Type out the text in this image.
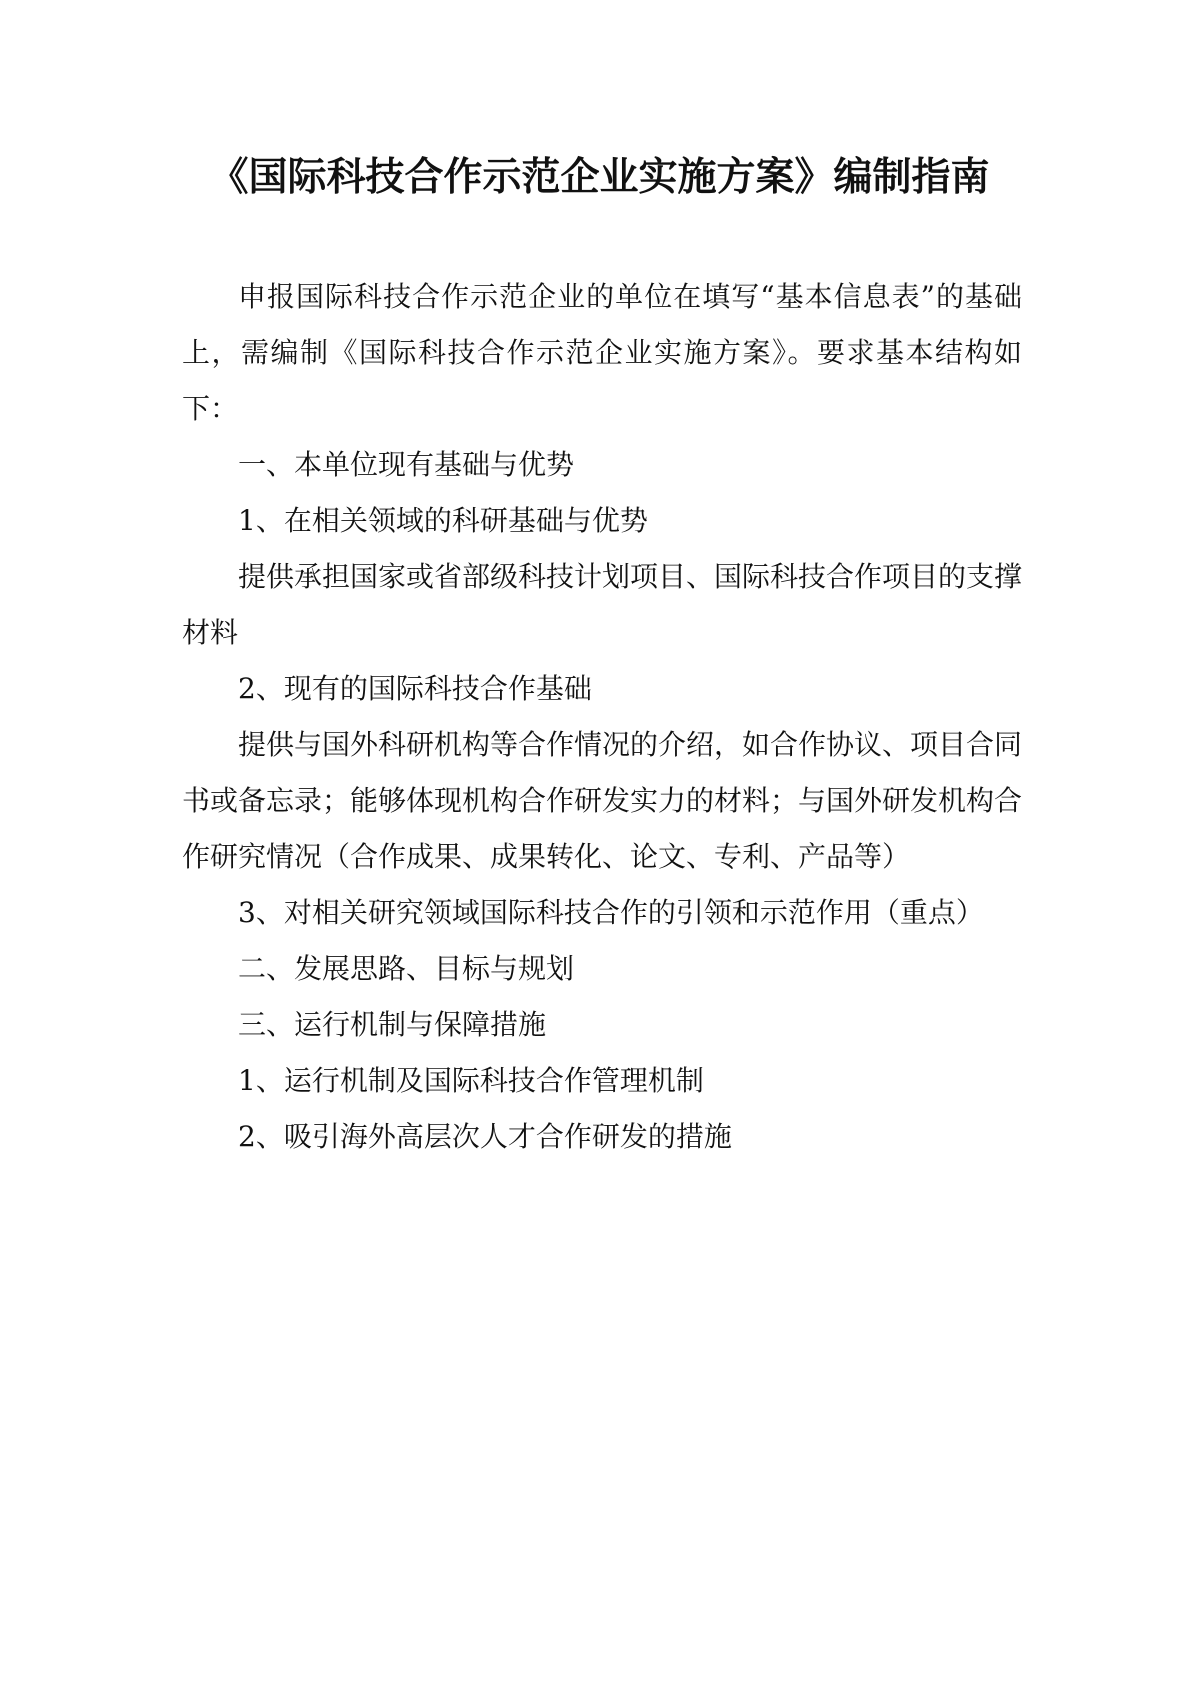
《国际科技合作示范企业实施方案》编制指南

申报国际科技合作示范企业的单位在填写“基本信息表”的基础上，需编制《国际科技合作示范企业实施方案》。要求基本结构如下：

一、本单位现有基础与优势

1、在相关领域的科研基础与优势

提供承担国家或省部级科技计划项目、国际科技合作项目的支撑材料

2、现有的国际科技合作基础

提供与国外科研机构等合作情况的介绍，如合作协议、项目合同书或备忘录；能够体现机构合作研发实力的材料；与国外研发机构合作研究情况（合作成果、成果转化、论文、专利、产品等）

3、对相关研究领域国际科技合作的引领和示范作用（重点）

二、发展思路、目标与规划

三、运行机制与保障措施

1、运行机制及国际科技合作管理机制

2、吸引海外高层次人才合作研发的措施
